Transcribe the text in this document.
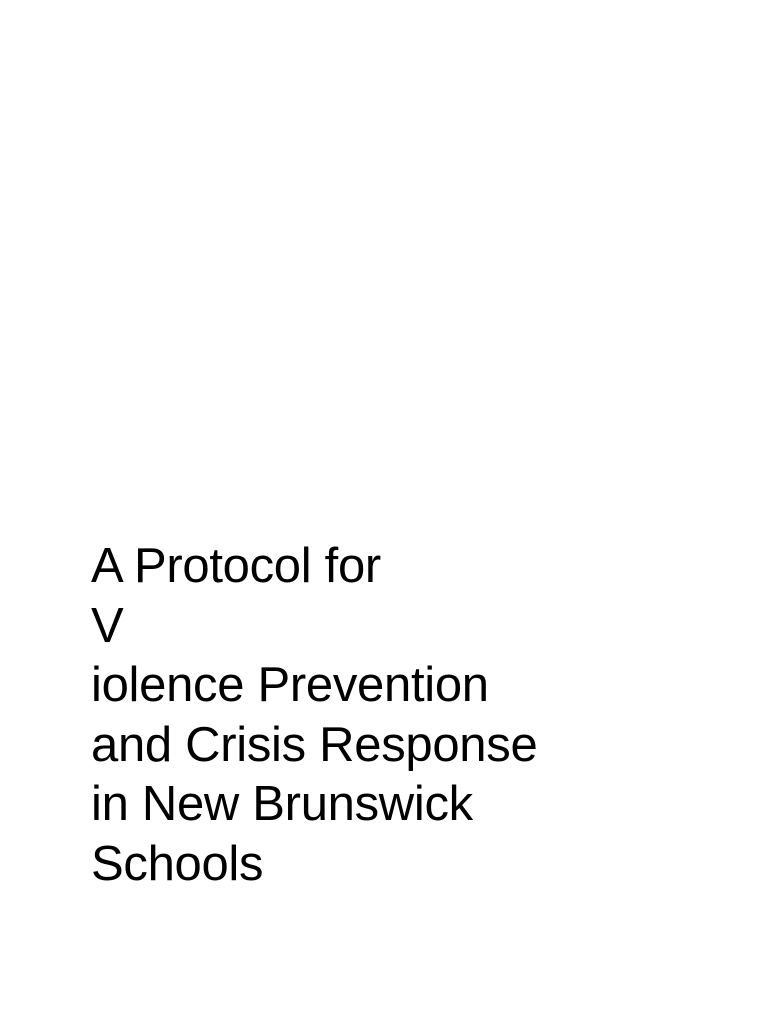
A Protocol for
V
iolence Prevention
and Crisis Response
in New Brunswick
Schools
